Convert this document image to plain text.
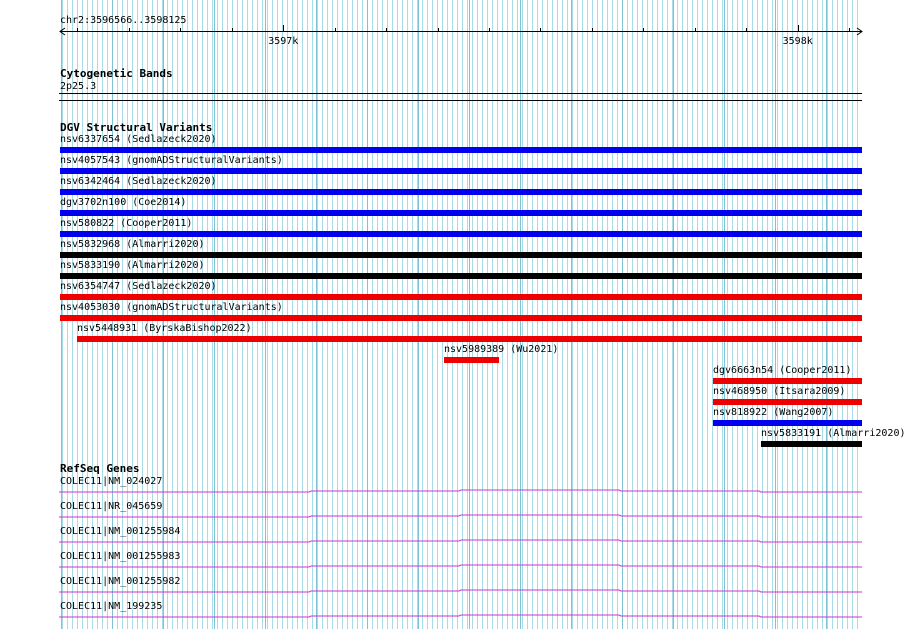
chr2:3596566..3598125
3597k	3598k
Cytogenetic Bands
2p25.3
DGV Structural Variants
nsv6337654 (Sedlazeck2020)
nsv4057543 (gnomADStructuralVariants)
nsv6342464 (Sedlazeck2020)
dgv3702n100 (Coe2014)
nsv580822 (Cooper2011)
nsv5832968 (Almarri2020)
nsv5833190 (Almarri2020)
nsv6354747 (Sedlazeck2020)
nsv4053030 (gnomADStructuralVariants)
nsv5448931 (ByrskaBishop2022)
nsv5989389 (Wu2021)
dgv6663n54 (Cooper2011)
nsv468950 (Itsara2009)
nsv818922 (Wang2007)
nsv5833191 (Almarri2020)
RefSeq Genes
COLEC11|NM_024027
COLEC11|NR_045659
COLEC11|NM_001255984
COLEC11|NM_001255983
COLEC11|NM_001255982
COLEC11|NM_199235
